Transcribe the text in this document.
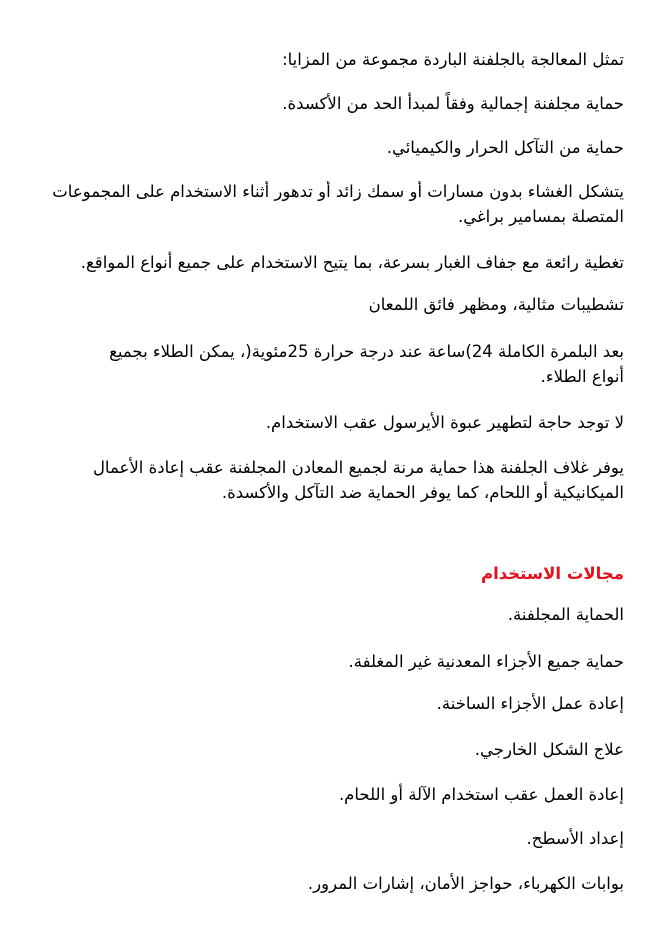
تمثل المعالجة بالجلفنة الباردة مجموعة من المزايا:
حماية مجلفنة إجمالية وفقاً لمبدأ الحد من الأكسدة.
حماية من التآكل الحرار والكيميائي.
يتشكل الغشاء بدون مسارات أو سمك زائد أو تدهور أثناء الاستخدام على المجموعات
المتصلة بمسامير براغي.
تغطية رائعة مع جفاف الغبار بسرعة، بما يتيح الاستخدام على جميع أنواع المواقع.
تشطيبات مثالية، ومظهر فائق اللمعان
بعد البلمرة الكاملة 24)ساعة عند درجة حرارة 25مئوية(، يمكن الطلاء بجميع
أنواع الطلاء.
لا توجد حاجة لتطهير عبوة الأيرسول عقب الاستخدام.
يوفر غلاف الجلفنة هذا حماية مرنة لجميع المعادن المجلفنة عقب إعادة الأعمال
الميكانيكية أو اللحام، كما يوفر الحماية ضد التآكل والأكسدة.
مجالات الاستخدام
الحماية المجلفنة.
حماية جميع الأجزاء المعدنية غير المغلفة.
إعادة عمل الأجزاء الساخنة.
علاج الشكل الخارجي.
إعادة العمل عقب استخدام الآلة أو اللحام.
إعداد الأسطح.
بوابات الكهرباء، حواجز الأمان، إشارات المرور.
